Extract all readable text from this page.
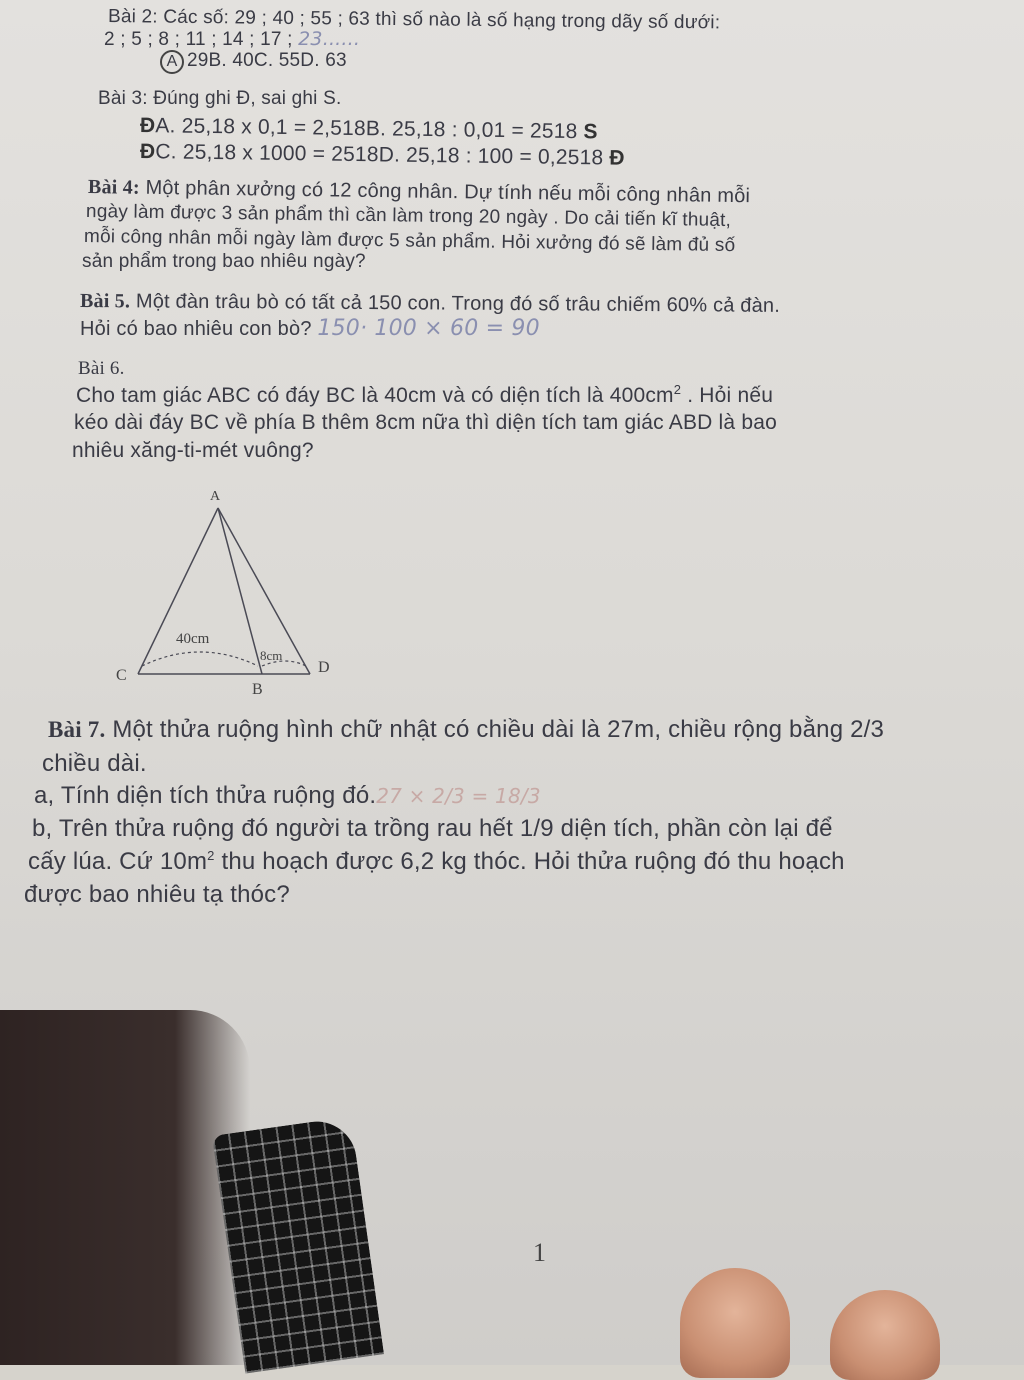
Bài 2: Các số: 29 ; 40 ; 55 ; 63 thì số nào là số hạng trong dãy số dưới:
2 ; 5 ; 8 ; 11 ; 14 ; 17 ; 23......
A 29B. 40C. 55D. 63
Bài 3: Đúng ghi Đ, sai ghi S.
ĐA. 25,18 x 0,1 = 2,518B. 25,18 : 0,01 = 2518 S
ĐC. 25,18 x 1000 = 2518D. 25,18 : 100 = 0,2518 Đ
Bài 4: Một phân xưởng có 12 công nhân. Dự tính nếu mỗi công nhân mỗi
ngày làm được 3 sản phẩm thì cần làm trong 20 ngày . Do cải tiến kĩ thuật,
mỗi công nhân mỗi ngày làm được 5 sản phẩm. Hỏi xưởng đó sẽ làm đủ số
sản phẩm trong bao nhiêu ngày?
Bài 5. Một đàn trâu bò có tất cả 150 con. Trong đó số trâu chiếm 60% cả đàn.
Hỏi có bao nhiêu con bò? 150· 100 × 60 = 90
Bài 6.
Cho tam giác ABC có đáy BC là 40cm và có diện tích là $400cm^2$ . Hỏi nếu
kéo dài đáy BC về phía B thêm 8cm nữa thì diện tích tam giác ABD là bao
nhiêu xăng-ti-mét vuông?
A
C
B
D
40cm
8cm
Bài 7. Một thửa ruộng hình chữ nhật có chiều dài là 27m, chiều rộng bằng 2/3
chiều dài.
a, Tính diện tích thửa ruộng đó.27 × 2/3 = 18/3
b, Trên thửa ruộng đó người ta trồng rau hết 1/9 diện tích, phần còn lại để
cấy lúa. Cứ $10m^2$ thu hoạch được 6,2 kg thóc. Hỏi thửa ruộng đó thu hoạch
được bao nhiêu tạ thóc?
1
